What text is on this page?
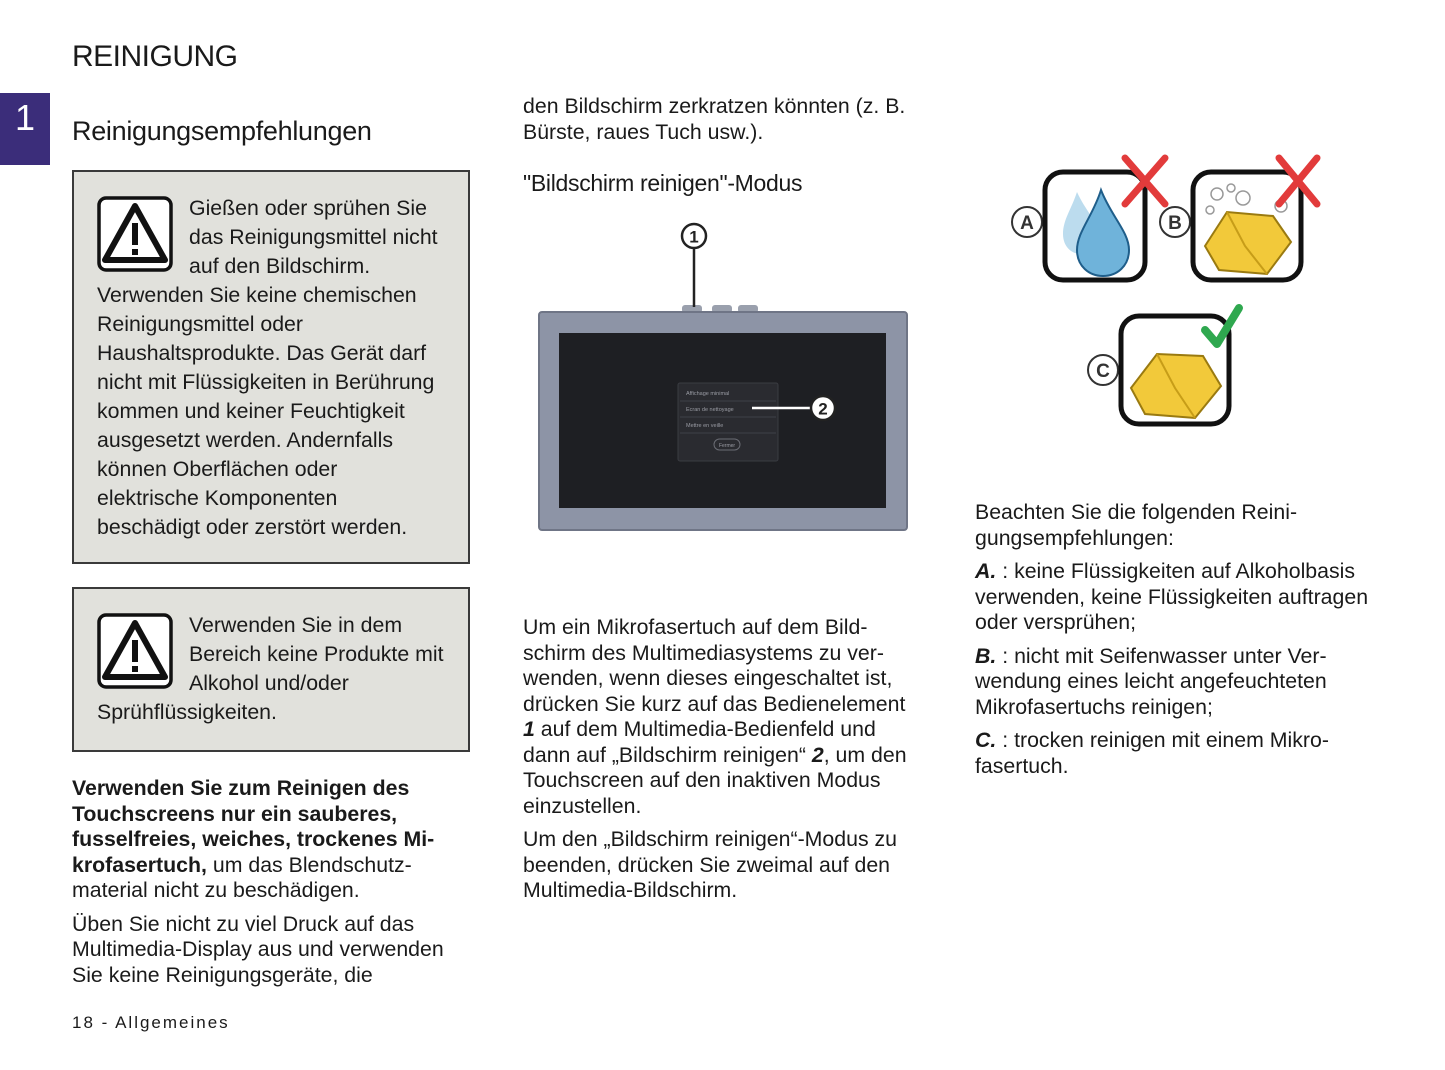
REINIGUNG
1 Reinigungsempfehlungen
Gießen oder sprühen Sie das Reinigungsmittel nicht auf den Bildschirm. Verwenden Sie keine chemischen Reinigungsmittel oder Haushaltsprodukte. Das Gerät darf nicht mit Flüssigkeiten in Berührung kommen und keiner Feuchtigkeit ausgesetzt werden. Andernfalls können Oberflächen oder elektrische Komponenten beschädigt oder zerstört werden.
Verwenden Sie in dem Bereich keine Produkte mit Alkohol und/oder Sprühflüssigkeiten.

Verwenden Sie zum Reinigen des Touchscreens nur ein sauberes, fusselfreies, weiches, trockenes Mikrofasertuch, um das Blendschutzmaterial nicht zu beschädigen.

Üben Sie nicht zu viel Druck auf das Multimedia-Display aus und verwenden Sie keine Reinigungsgeräte, die

den Bildschirm zerkratzen könnten (z. B. Bürste, raues Tuch usw.).

"Bildschirm reinigen"-Modus
1
Affichage minimal
Ecran de nettoyage
Mettre en veille
Fermer
2

Um ein Mikrofasertuch auf dem Bildschirm des Multimediasystems zu verwenden, wenn dieses eingeschaltet ist, drücken Sie kurz auf das Bedienelement 1 auf dem Multimedia-Bedienfeld und dann auf „Bildschirm reinigen“ 2, um den Touchscreen auf den inaktiven Modus einzustellen.

Um den „Bildschirm reinigen“-Modus zu beenden, drücken Sie zweimal auf den Multimedia-Bildschirm.

A	B
C

Beachten Sie die folgenden Reinigungsempfehlungen:

A. : keine Flüssigkeiten auf Alkoholbasis verwenden, keine Flüssigkeiten auftragen oder versprühen;

B. : nicht mit Seifenwasser unter Verwendung eines leicht angefeuchteten Mikrofasertuchs reinigen;

C. : trocken reinigen mit einem Mikrofasertuch.

18 - Allgemeines
